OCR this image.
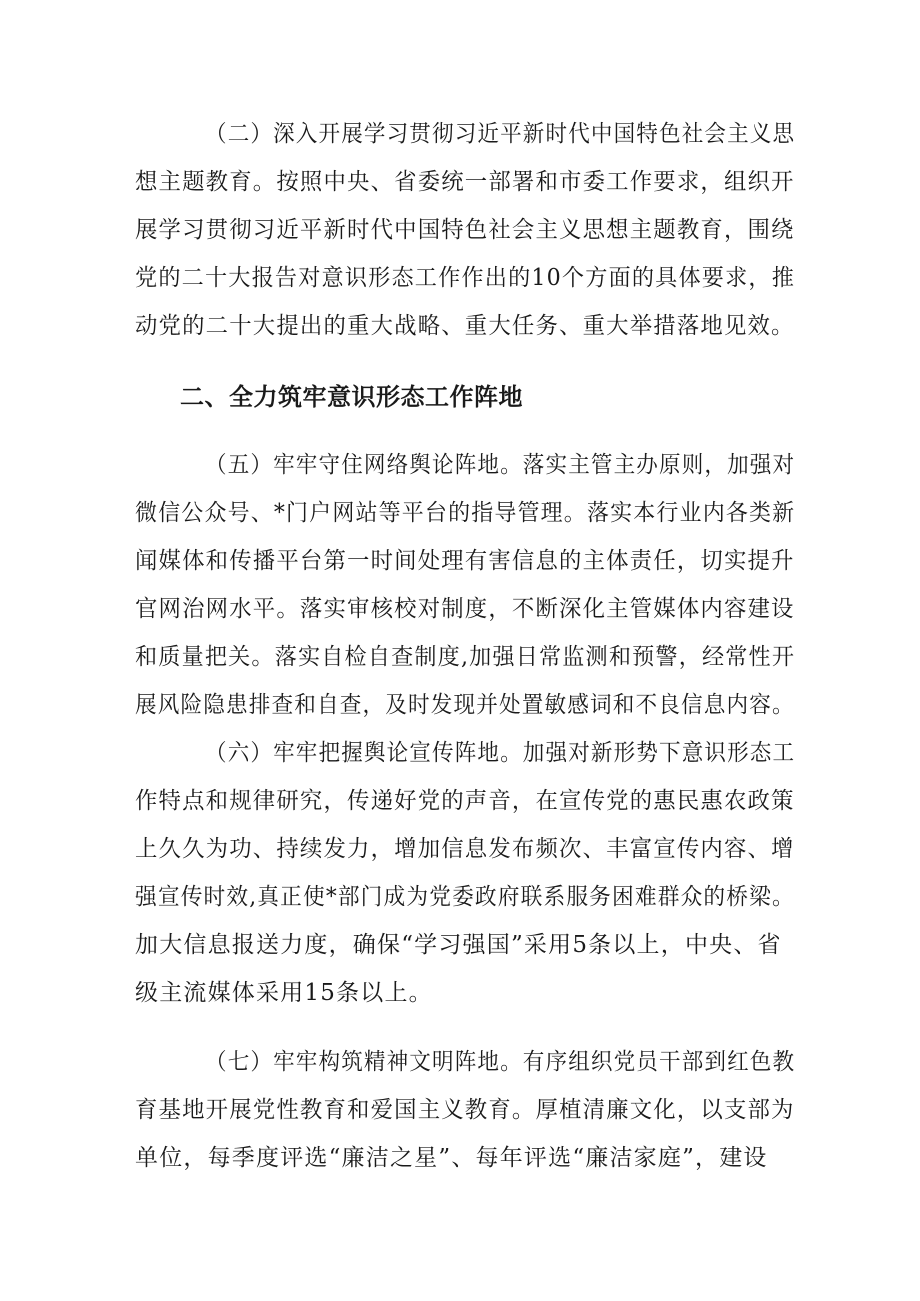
（二）深入开展学习贯彻习近平新时代中国特色社会主义思
想主题教育。按照中央、省委统一部署和市委工作要求，组织开
展学习贯彻习近平新时代中国特色社会主义思想主题教育，围绕
党的二十大报告对意识形态工作作出的10个方面的具体要求，推
动党的二十大提出的重大战略、重大任务、重大举措落地见效。
二、全力筑牢意识形态工作阵地
（五）牢牢守住网络舆论阵地。落实主管主办原则，加强对
微信公众号、*门户网站等平台的指导管理。落实本行业内各类新
闻媒体和传播平台第一时间处理有害信息的主体责任，切实提升
官网治网水平。落实审核校对制度，不断深化主管媒体内容建设
和质量把关。落实自检自查制度,加强日常监测和预警，经常性开
展风险隐患排查和自查，及时发现并处置敏感词和不良信息内容。
（六）牢牢把握舆论宣传阵地。加强对新形势下意识形态工
作特点和规律研究，传递好党的声音，在宣传党的惠民惠农政策
上久久为功、持续发力，增加信息发布频次、丰富宣传内容、增
强宣传时效,真正使*部门成为党委政府联系服务困难群众的桥梁。
加大信息报送力度，确保“学习强国”采用5条以上，中央、省
级主流媒体采用15条以上。
（七）牢牢构筑精神文明阵地。有序组织党员干部到红色教
育基地开展党性教育和爱国主义教育。厚植清廉文化，以支部为
单位，每季度评选“廉洁之星”、每年评选“廉洁家庭”，建设
